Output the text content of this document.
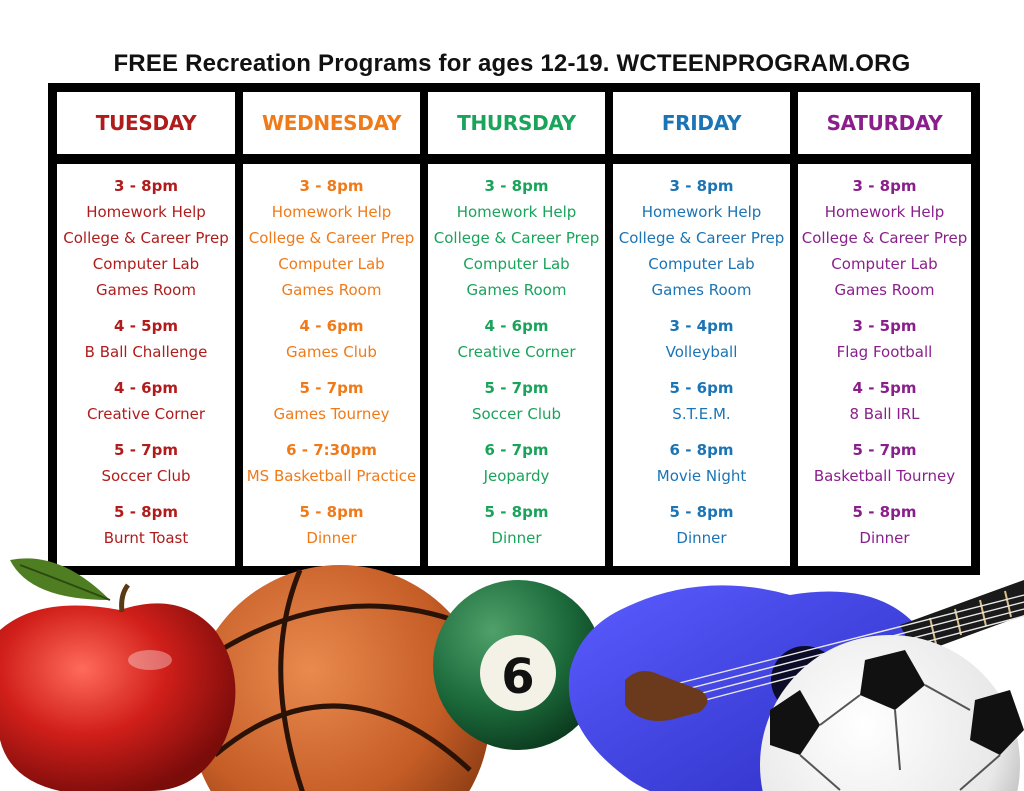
FREE Recreation Programs for ages 12-19. WCTEENPROGRAM.ORG
TUESDAY
3 - 8pm
Homework Help
College & Career Prep
Computer Lab
Games Room
4 - 5pm
B Ball Challenge
4 - 6pm
Creative Corner
5 - 7pm
Soccer Club
5 - 8pm
Burnt Toast
WEDNESDAY
3 - 8pm
Homework Help
College & Career Prep
Computer Lab
Games Room
4 - 6pm
Games Club
5 - 7pm
Games Tourney
6 - 7:30pm
MS Basketball Practice
5 - 8pm
Dinner
THURSDAY
3 - 8pm
Homework Help
College & Career Prep
Computer Lab
Games Room
4 - 6pm
Creative Corner
5 - 7pm
Soccer Club
6 - 7pm
Jeopardy
5 - 8pm
Dinner
FRIDAY
3 - 8pm
Homework Help
College & Career Prep
Computer Lab
Games Room
3 - 4pm
Volleyball
5 - 6pm
S.T.E.M.
6 - 8pm
Movie Night
5 - 8pm
Dinner
SATURDAY
3 - 8pm
Homework Help
College & Career Prep
Computer Lab
Games Room
3 - 5pm
Flag Football
4 - 5pm
8 Ball IRL
5 - 7pm
Basketball Tourney
5 - 8pm
Dinner
6
